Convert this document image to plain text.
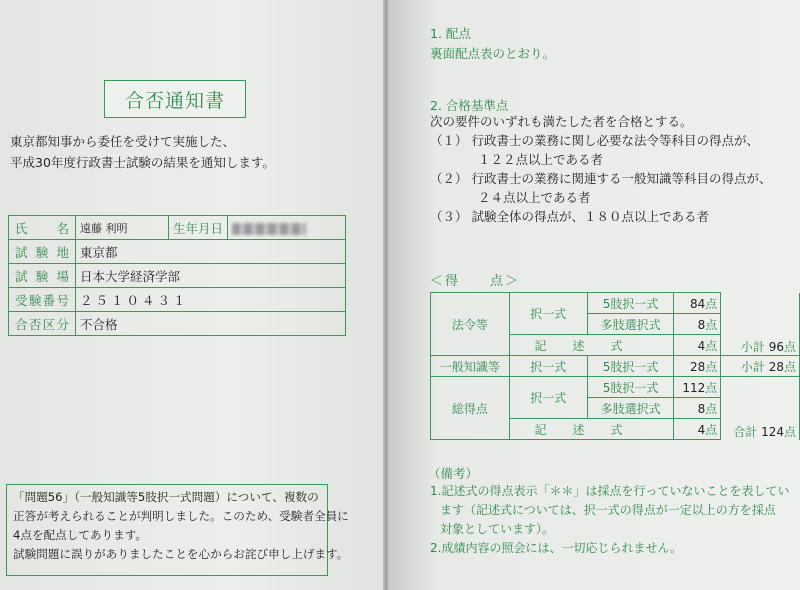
合否通知書
東京都知事から委任を受けて実施した、
平成30年度行政書士試験の結果を通知します。
氏名	遠藤 利明	生年月日	
試験地	東京都		
試験場	日本大学経済学部		
受験番号	２５１０４３１		
合否区分	不合格		
「問題56」（一般知識等5肢択一式問題）について、複数の
正答が考えられることが判明しました。このため、受験者全員に
4点を配点してあります。
試験問題に誤りがありましたことを心からお詫び申し上げます。
1. 配点
裏面配点表のとおり。
2. 合格基準点
次の要件のいずれも満たした者を合格とする。
（１） 行政書士の業務に関し必要な法令等科目の得点が、
１２２点以上である者
（２） 行政書士の業務に関連する一般知識等科目の得点が、
２４点以上である者
（３） 試験全体の得点が、１８０点以上である者
＜得　　点＞
法令等	択一式	5肢択一式	84点	小計 96点
		多肢選択式	8点	
	記述式		4点	
一般知識等	択一式	5肢択一式	28点	小計 28点
総得点	択一式	5肢択一式	112点	合計 124点
		多肢選択式	8点	
	記述式		4点	
（備考）
1.記述式の得点表示「＊＊」は採点を行っていないことを表してい
ます（記述式については、択一式の得点が一定以上の方を採点
対象としています）。
2.成績内容の照会には、一切応じられません。
